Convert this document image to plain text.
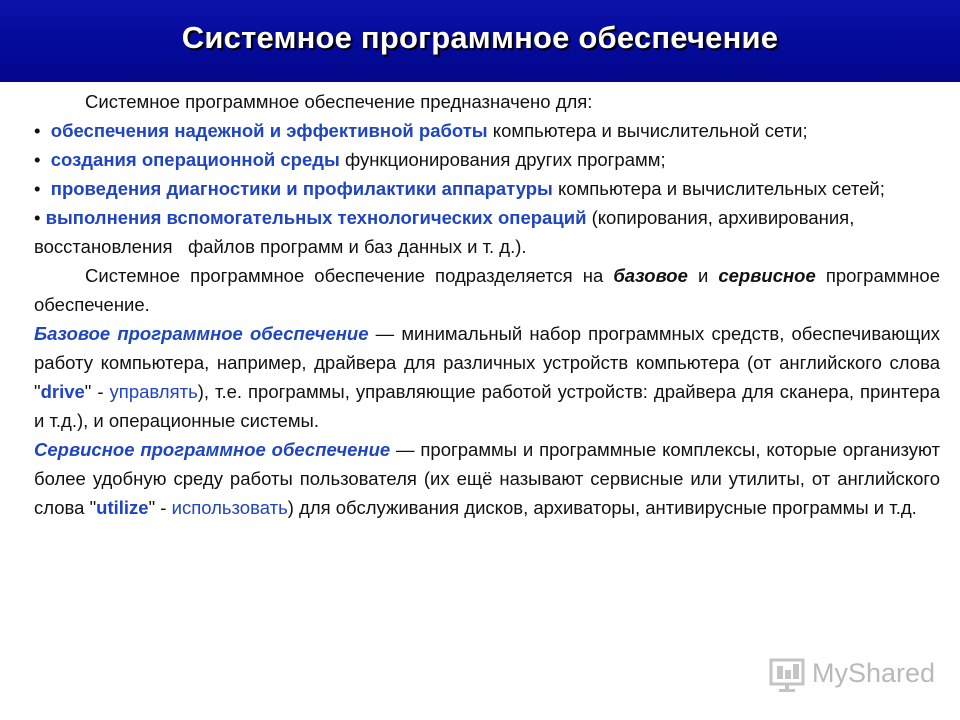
Системное программное обеспечение

Системное программное обеспечение предназначено для:

• обеспечения надежной и эффективной работы компьютера и вычислительной сети;

• создания операционной среды функционирования других программ;

• проведения диагностики и профилактики аппаратуры компьютера и вычислительных сетей;

• выполнения вспомогательных технологических операций (копирования, архивирования,    восстановления   файлов программ и баз данных и т. д.).

Системное программное обеспечение подразделяется на базовое и сервисное программное обеспечение.

Базовое программное обеспечение — минимальный набор программных средств, обеспечивающих работу компьютера, например, драйвера для различных устройств компьютера (от английского слова "drive" - управлять), т.е. программы, управляющие работой устройств: драйвера для сканера, принтера и т.д.), и операционные системы.

Сервисное программное обеспечение — программы и программные комплексы, которые организуют более удобную среду работы пользователя (их ещё называют сервисные или утилиты, от английского слова "utilize" - использовать) для обслуживания дисков, архиваторы, антивирусные программы и т.д.

MyShared
